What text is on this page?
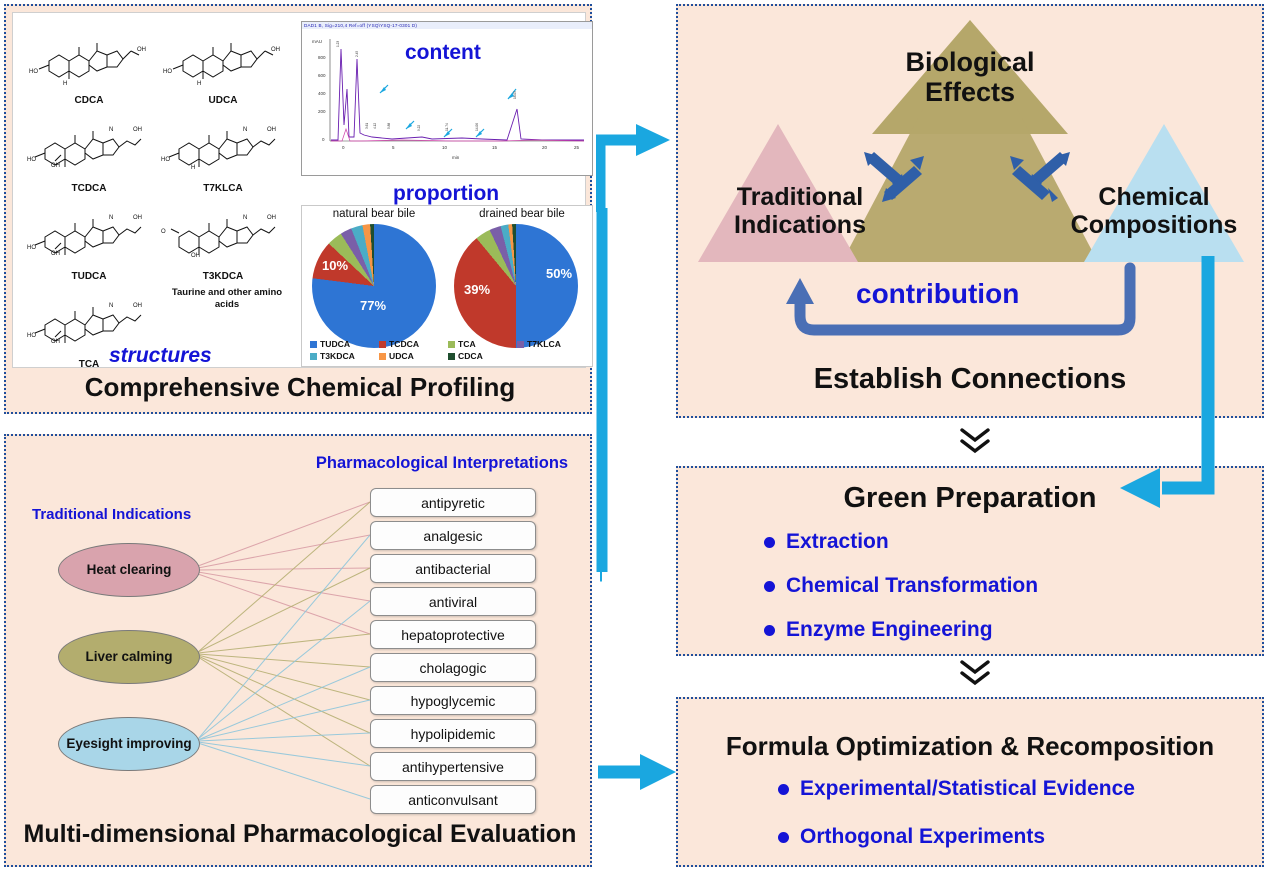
HO
H
OH
CDCA
HO
H
OH
UDCA
HO
OH
OH
N
TCDCA
HO
H
OH
N
T7KLCA
HO
OH
OH
N
TUDCA
O
OH
OH
N
T3KDCA
HO
OH
OH
N
TCA
Taurine and other amino acids
structures
DAD1 B, Sig=210,4 Ref=off (YSQ\YSQ-17-0301 D)
mAU
800
600
400
200
0
0	5	10	15	20	25
min
1.23
2.45
3.61 4.12	5.88	9.22	11.74	14.06
18.05
content
proportion
natural bear bile	drained bear bile
77%
10%
50%
39%
TUDCA	TCDCA	TCA	T7KLCA
T3KDCA	UDCA	CDCA
Comprehensive Chemical Profiling
Pharmacological Interpretations
Traditional Indications
Heat clearing
Liver calming
Eyesight improving
antipyretic
analgesic
antibacterial
antiviral
hepatoprotective
cholagogic
hypoglycemic
hypolipidemic
antihypertensive
anticonvulsant
Multi-dimensional Pharmacological Evaluation
Biological Effects
Traditional Indications
Chemical Compositions
contribution
Establish Connections
Green Preparation
Extraction
Chemical Transformation
Enzyme Engineering
Formula Optimization & Recomposition
Experimental/Statistical Evidence
Orthogonal Experiments
